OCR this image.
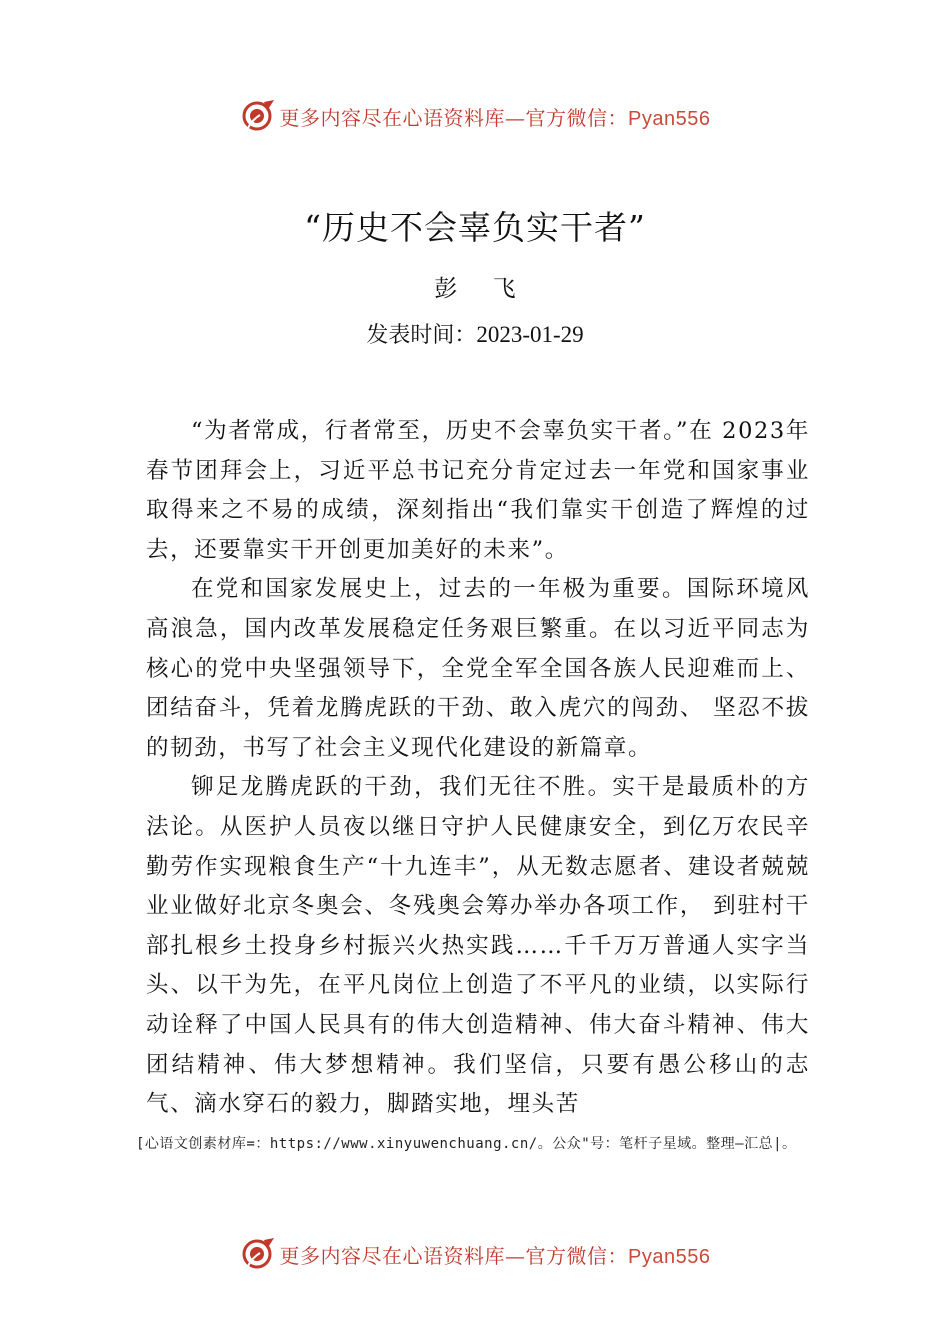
更多内容尽在心语资料库—官方微信：Pyan556
“历史不会辜负实干者”
彭 飞
发表时间：2023-01-29

“为者常成，行者常至，历史不会辜负实干者。”在 2023年春节团拜会上，习近平总书记充分肯定过去一年党和国家事业取得来之不易的成绩，深刻指出“我们靠实干创造了辉煌的过去，还要靠实干开创更加美好的未来”。

在党和国家发展史上，过去的一年极为重要。国际环境风高浪急，国内改革发展稳定任务艰巨繁重。在以习近平同志为核心的党中央坚强领导下，全党全军全国各族人民迎难而上、团结奋斗，凭着龙腾虎跃的干劲、敢入虎穴的闯劲、 坚忍不拔的韧劲，书写了社会主义现代化建设的新篇章。

铆足龙腾虎跃的干劲，我们无往不胜。实干是最质朴的方法论。从医护人员夜以继日守护人民健康安全，到亿万农民辛勤劳作实现粮食生产“十九连丰”，从无数志愿者、建设者兢兢业业做好北京冬奥会、冬残奥会筹办举办各项工作， 到驻村干部扎根乡土投身乡村振兴火热实践……千千万万普通人实字当头、以干为先，在平凡岗位上创造了不平凡的业绩，以实际行动诠释了中国人民具有的伟大创造精神、伟大奋斗精神、伟大团结精神、伟大梦想精神。我们坚信，只要有愚公移山的志气、滴水穿石的毅力，脚踏实地，埋头苦

[心语文创素材库=：https://www.xinyuwenchuang.cn/。公众"号：笔杆子星域。整理—汇总|。
更多内容尽在心语资料库—官方微信：Pyan556
